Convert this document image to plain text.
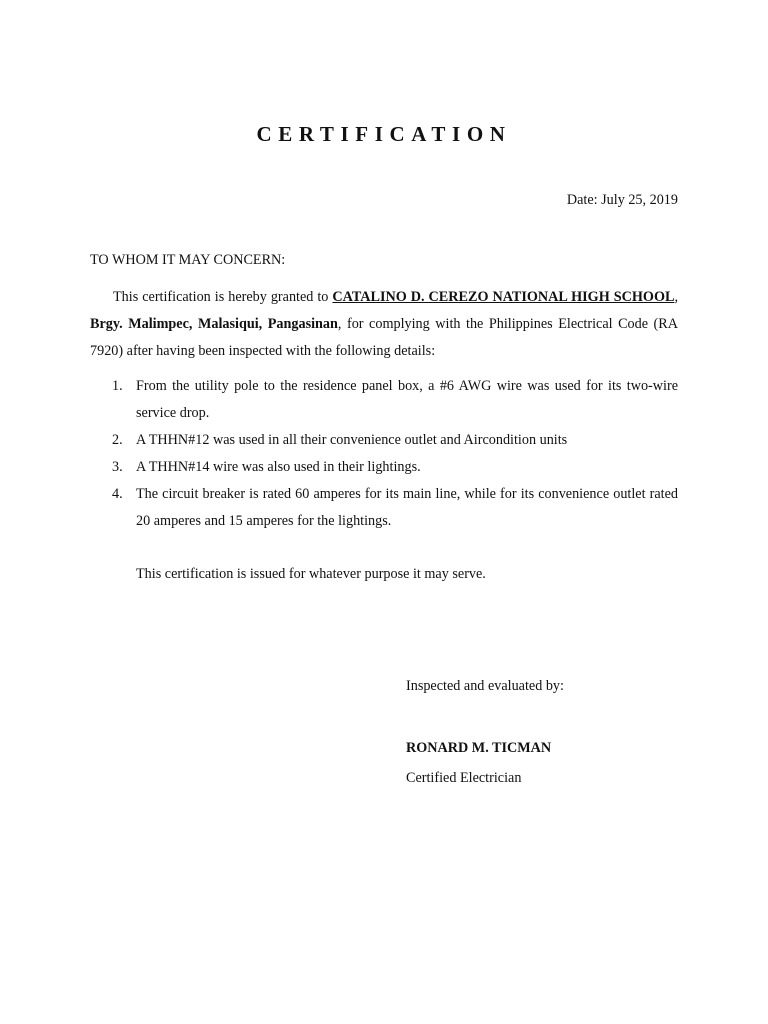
CERTIFICATION
Date: July 25, 2019
TO WHOM IT MAY CONCERN:

This certification is hereby granted to CATALINO D. CEREZO NATIONAL HIGH SCHOOL, Brgy. Malimpec, Malasiqui, Pangasinan, for complying with the Philippines Electrical Code (RA 7920) after having been inspected with the following details:

1. From the utility pole to the residence panel box, a #6 AWG wire was used for its two-wire service drop.
2. A THHN#12 was used in all their convenience outlet and Aircondition units
3. A THHN#14 wire was also used in their lightings.
4. The circuit breaker is rated 60 amperes for its main line, while for its convenience outlet rated 20 amperes and 15 amperes for the lightings.
This certification is issued for whatever purpose it may serve.
Inspected and evaluated by:
RONARD M. TICMAN
Certified Electrician
